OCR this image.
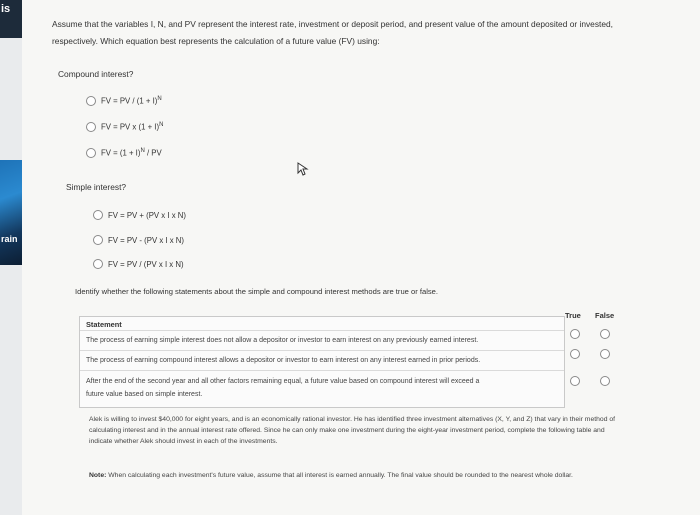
is
rain
Assume that the variables I, N, and PV represent the interest rate, investment or deposit period, and present value of the amount deposited or invested, respectively. Which equation best represents the calculation of a future value (FV) using:
Compound interest?
FV = PV / $(1 + I)^N$
FV = PV x $(1 + I)^N$
FV = $(1 + I)^N$ / PV
Simple interest?
FV = PV + (PV x I x N)
FV = PV - (PV x I x N)
FV = PV / (PV x I x N)
Identify whether the following statements about the simple and compound interest methods are true or false.
True False
Statement
The process of earning simple interest does not allow a depositor or investor to earn interest on any previously earned interest.
The process of earning compound interest allows a depositor or investor to earn interest on any interest earned in prior periods.
After the end of the second year and all other factors remaining equal, a future value based on compound interest will exceed a
future value based on simple interest.
Alek is willing to invest $40,000 for eight years, and is an economically rational investor. He has identified three investment alternatives (X, Y, and Z) that vary in their method of calculating interest and in the annual interest rate offered. Since he can only make one investment during the eight-year investment period, complete the following table and indicate whether Alek should invest in each of the investments.
Note: When calculating each investment's future value, assume that all interest is earned annually. The final value should be rounded to the nearest whole dollar.
